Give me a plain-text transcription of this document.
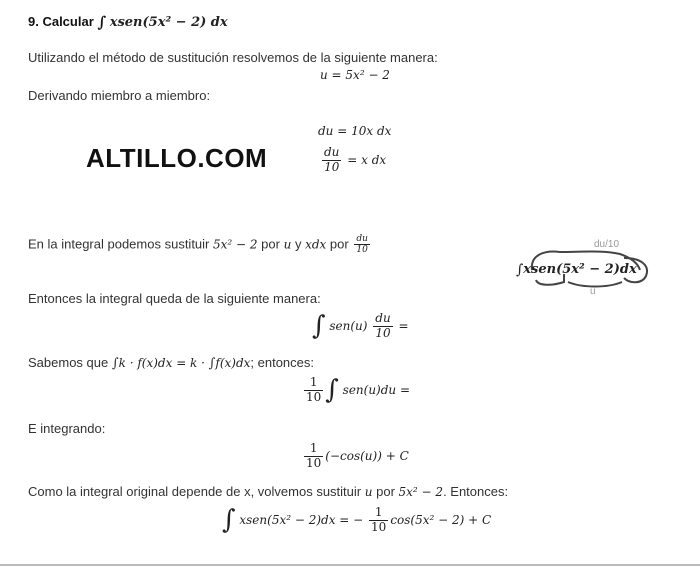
9. Calcular ∫ xsen(5x² − 2) dx
Utilizando el método de sustitución resolvemos de la siguiente manera:
u = 5x² − 2
Derivando miembro a miembro:
du = 10x dx
$\frac{du}{10} = x$ dx
ALTILLO.COM
En la integral podemos sustituir 5x² − 2 por u y xdx por $\frac{du}{10}$	du/10
∫xsen(5x² − 2)dx
u
Entonces la integral queda de la siguiente manera:
∫ $sen(u) \frac{du}{10}$ =
Sabemos que ∫k · f(x)dx = k · ∫f(x)dx; entonces:
$\frac{1}{10}$ ∫ sen(u)du =
E integrando:
$\frac{1}{10} (-\cos(u)) + C$
Como la integral original depende de x, volvemos sustituir u por 5x² − 2. Entonces:
∫ xsen(5x² − 2)dx = − $\frac{1}{10} \cos(5x^2 - 2) + C$
